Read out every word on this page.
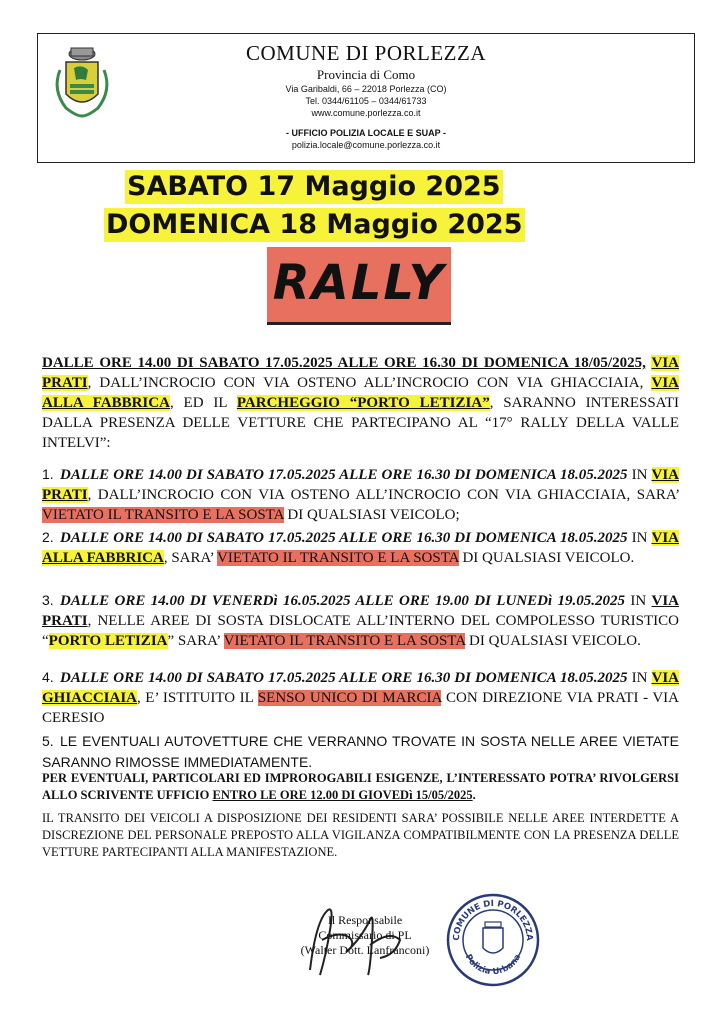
COMUNE DI PORLEZZA
Provincia di Como
Via Garibaldi, 66 – 22018 Porlezza (CO)
Tel. 0344/61105 – 0344/61733
www.comune.porlezza.co.it
- UFFICIO POLIZIA LOCALE E SUAP -
polizia.locale@comune.porlezza.co.it
SABATO 17 Maggio 2025
DOMENICA 18 Maggio 2025
RALLY
DALLE ORE 14.00 DI SABATO 17.05.2025 ALLE ORE 16.30 DI DOMENICA 18/05/2025, VIA PRATI, DALL’INCROCIO CON VIA OSTENO ALL’INCROCIO CON VIA GHIACCIAIA, VIA ALLA FABBRICA, ED IL PARCHEGGIO “PORTO LETIZIA”, SARANNO INTERESSATI DALLA PRESENZA DELLE VETTURE CHE PARTECIPANO AL “17° RALLY DELLA VALLE INTELVI”:
1. DALLE ORE 14.00 DI SABATO 17.05.2025 ALLE ORE 16.30 DI DOMENICA 18.05.2025 IN VIA PRATI, DALL’INCROCIO CON VIA OSTENO ALL’INCROCIO CON VIA GHIACCIAIA, SARA’ VIETATO IL TRANSITO E LA SOSTA DI QUALSIASI VEICOLO;
2. DALLE ORE 14.00 DI SABATO 17.05.2025 ALLE ORE 16.30 DI DOMENICA 18.05.2025 IN VIA ALLA FABBRICA, SARA’ VIETATO IL TRANSITO E LA SOSTA DI QUALSIASI VEICOLO.
3. DALLE ORE 14.00 DI VENERDì 16.05.2025 ALLE ORE 19.00 DI LUNEDì 19.05.2025 IN VIA PRATI, NELLE AREE DI SOSTA DISLOCATE ALL’INTERNO DEL COMPOLESSO TURISTICO “PORTO LETIZIA” SARA’ VIETATO IL TRANSITO E LA SOSTA DI QUALSIASI VEICOLO.
4. DALLE ORE 14.00 DI SABATO 17.05.2025 ALLE ORE 16.30 DI DOMENICA 18.05.2025 IN VIA GHIACCIAIA, E’ ISTITUITO IL SENSO UNICO DI MARCIA CON DIREZIONE VIA PRATI - VIA CERESIO
5. LE EVENTUALI AUTOVETTURE CHE VERRANNO TROVATE IN SOSTA NELLE AREE VIETATE SARANNO RIMOSSE IMMEDIATAMENTE.
PER EVENTUALI, PARTICOLARI ED IMPROROGABILI ESIGENZE, L’INTERESSATO POTRA’ RIVOLGERSI ALLO SCRIVENTE UFFICIO ENTRO LE ORE 12.00 DI GIOVEDì 15/05/2025.
IL TRANSITO DEI VEICOLI A DISPOSIZIONE DEI RESIDENTI SARA’ POSSIBILE NELLE AREE INTERDETTE A DISCREZIONE DEL PERSONALE PREPOSTO ALLA VIGILANZA COMPATIBILMENTE CON LA PRESENZA DELLE VETTURE PARTECIPANTI ALLA MANIFESTAZIONE.
Il Responsabile
Commissario di PL
(Walter Dott. Lanfranconi)
COMUNE DI PORLEZZA
Polizia Urbana
